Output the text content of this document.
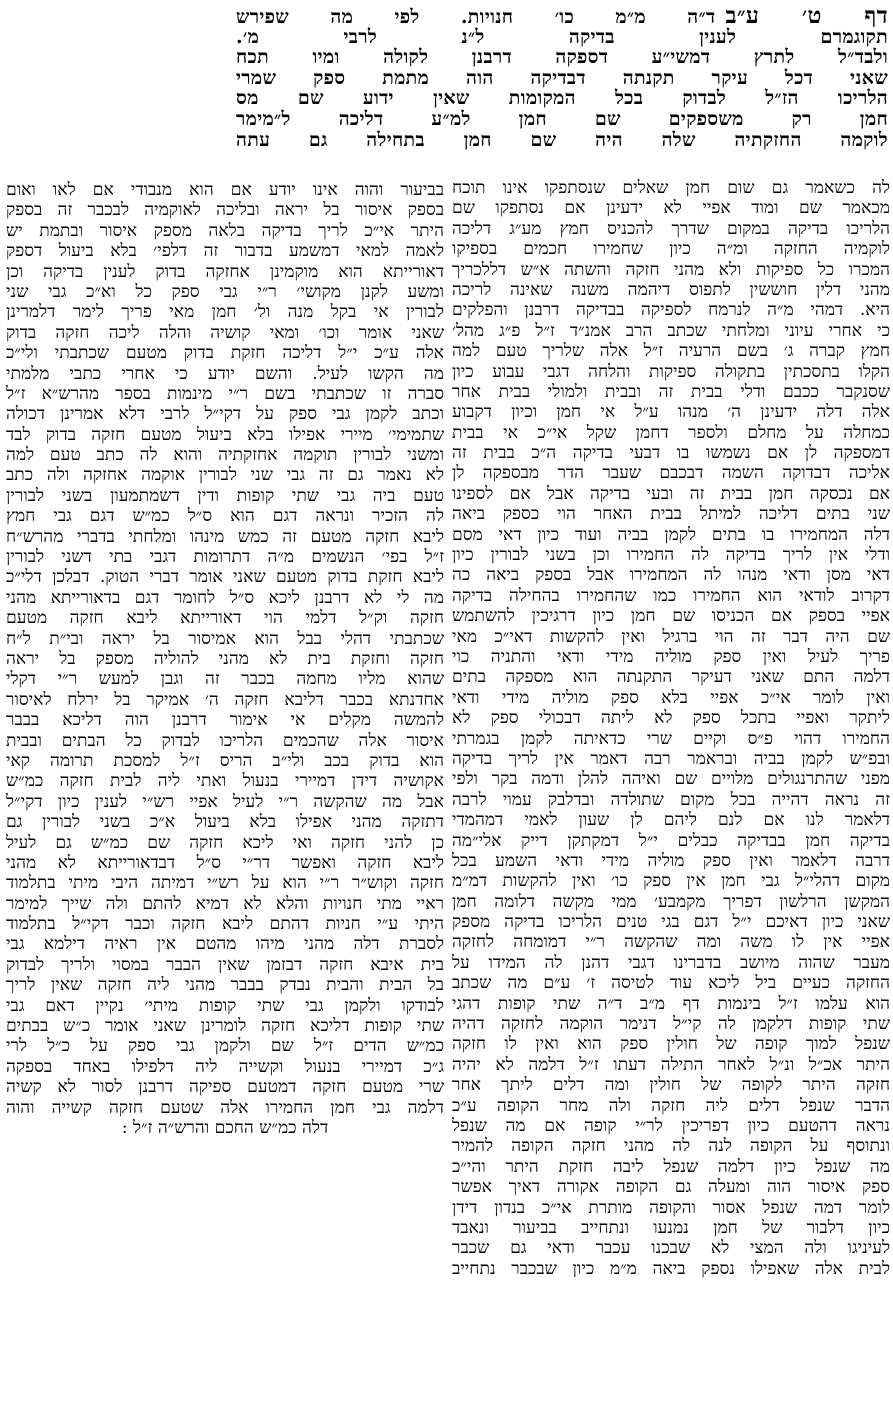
דף ט׳ ע״בד״ה מ״מ כו׳ חנויות. לפי מה שפירש
תקוגמרם לענין בדיקה ל״נ לרבי מ׳.
ולבד״ל לתרץ דמשי״ע דספקה דרבנן לקולה ומיו תכח
שאני דכל עיקר תקנתה דבדיקה הוה מתמת ספק שמרי
הלריכו הז״ל לבדוק בכל המקומות שאין ידוע שם מס
חמן רק משספקים שם חמן למ״ע דליכה ל״מימר
לוקמה החזקתיה שלה היה שם חמן בתחילה גם עתה
לה כשאמר גם שום חמן שאלים שנסתפקו אינו תוכח
מכאמר שם ומוד אפיי לא ידעינן אם נסתפקו שם
הלריכו בדיקה במקום שדרך להכניס חמץ מע״ג דליכה
לוקמיה החזקה ומ״ה כיון שחמירו חכמים בספיקו
המכרו כל ספיקות ולא מהני חזקה והשתה א״ש דללכריך
מהני דלין חוששין לתפוס דיהמה משנה שאינה לריכה
היא. דמהי מ״ה לנרמח לספיקה בבדיקה דרבנן והפלקים
כי אחרי עיוני ומלחתי שכתב הרב אמנ״ד ז״ל פ״ג מהל׳
חמץ קברה ג׳ בשם הרעיה ז״ל אלה שלריך טעם למה
הקלו בתסכתין בתקולה ספיקות והלחה דגבי עבוע כיון
שסנקבר ככבם ודלי בבית זה ובבית ולמולי בבית אחר
אלה דלה ידעינן ה׳ מנהו ע״ל אי חמן וכיון דקבוע
כמחלה על מחלם ולספר דחמן שקל אי״כ אי בבית
דמספקה לן אם נשמשו בו דבעי בדיקה ה״כ בבית זה
אליכה דבדוקה השמה דבכבם שעבר הדר מבספקה לן
אם נכסקה חמן בבית זה ובעי בדיקה אבל אם לספינו
שני בתים דליכה למיתל בבית האחר הוי כספק ביאה
דלה המחמירו בו בתים לקמן בביה ועוד כיון דאי מסם
ודלי אין לריך בדיקה לה החמירו וכן בשני לבורין כיון
דאי מסן ודאי מנהו לה המחמירו אבל בספק ביאה כה
דקרוב לודאי הוא החמירו כמו שהחמירו בהחילה בדיקה
אפיי בספק אם הכניסו שם חמן כיון דרגיכין להשתמש
שם היה דבר זה הוי ברגיל ואין להקשות דאי״כ מאי
פריך לעיל ואין ספק מוליה מידי ודאי והתניה כוי
דלמה התם שאני דעיקר התקנתה הוא מספקה בתים
ואין לומר אי״כ אפיי בלא ספק מוליה מידי ודאי
ליתקר ואפיי בתכל ספק לא ליתה דבכולי ספק לא
החמירו דהוי פ״ס וקיים שרי כדאיתה לקמן בגמרתי
ובפ״ש לקמן בביה ובראמר רבה דאמר אין לריך בדיקה
מפני שהתרנגולים מלויים שם ואיהה להלן ודמה בקר ולפי
זה נראה דהייה בכל מקום שתולדה ובדלבק עמוי לרבה
דלאמר לנו אם לנם ליהם לן שעון לאמי דמהמדי
בדיקה חמן בבדיקה כבלים י״ל דמקתקן דייק אלי״מה
דרבה דלאמר ואין ספק מוליה מידי ודאי השמע בכל
מקום דהלי״ל גבי חמן אין ספק כו׳ ואין להקשות דמ״מ
המקשן הרלשון דפריך מקמבע׳ ממי מקשה דלומה חמן
שאני כיון דאיכם י״ל דגם בגי טנים הלריכו בדיקה מספק
אפיי אין לו משה ומה שהקשה ר״י דמומחה לחזקה
מעבר שהוה מיושב בדברינו דגבי דהנן לה המידו על
החזקה כעיים ביל ליכא עוד לטיסה ז׳ ע״ם מה שכתב
הוא עלמו ז״ל בינמות דף מ״ב ד״ה שתי קופות דהגי
שתי קופות דלקמן לה קי״ל דנימר הוקמה לחזקה דהיה
שנפל למוך קופה של חולין ספק הוא ואין לו חזקה
היתר אכ״ל ונ״ל לאחר התילה דעתו ז״ל דלמה לא יהיה
חזקה היתר לקופה של חולין ומה דלים ליתך אחר
הדבר שנפל דלים ליה חזקה ולה מחר הקופה ע״כ
נראה דהטעם כיון דפריכין לר״י קופה אם מה שנפל
ונתוסף על הקופה לנה לה מהני חזקה הקופה להמיר
מה שנפל כיון דלמה שנפל ליבה חזקת היתר והי״כ
ספק איסור הוה ומעלה גם הקופה אקורה דאיך אפשר
לומר דמה שנפל אסור והקופה מותרת אי״כ בנדון דידן
כיון דלבור של חמן נמנעו ונתחייב בביעור ונאבד
לעיניגו ולה המצי לא שבכנו עכבר ודאי גם שכבר
לבית אלה שאפילו נספק ביאה מ״מ כיון שבכבר נתחייב
בביעור והוה אינו יודע אם הוא מנבודי אם לאו ואום
בספק איסור בל יראה ובליכה לאוקמיה לבכבר זה בספק
היתר אי״כ לריך בדיקה בלאה מספק איסור ובתמת יש
לאמה למאי דמשמע בדבור זה דלפי׳ בלא ביעול דספק
דאורייתא הוא מוקמינן אחזקה בדוק לענין בדיקה וכן
ומשע לקנן מקושי׳ ר״י גבי ספק כל וא״כ גבי שני
לבורין אי בקל מנה ול׳ חמן מאי פריך לימר דלמרינן
שאני אומר וכו׳ ומאי קושיה והלה ליכה חזקה בדוק
אלה ע״כ י״ל דליכה חזקת בדוק מטעם שכתבתי ולי״כ
מה הקשו לעיל. והשם יודע כי אחרי כתבי מלמתי
סברה זו שכתבתי בשם ר״י מינמות בספר מהרש״א ז״ל
וכתב לקמן גבי ספק על דקי״ל לרבי דלא אמרינן דכולה
שתמימי׳ מיירי אפילו בלא ביעול מטעם חזקה בדוק לבד
ומשני לבורין תוקמה אחזקתיה והוא לה כתב טעם למה
לא נאמר גם זה גבי שני לבורין אוקמה אחזקה ולה כתב
טעם ביה גבי שתי קופות ודין דשמתמעון בשני לבורין
לה הזכיר ונראה דגם הוא ס״ל כמ״ש דגם גבי חמץ
ליבא חזקה מטעם זה כמש מינהו ומלחתי בדברי מהרש״ח
ז״ל בפי׳ הנשמים מ״ה דתרומות דגבי בתי דשני לבורין
ליבא חזקת בדוק מטעם שאני אומר דברי הטוק. דבלכן דלי״כ
מה לי לא דרבנן ליכא ס״ל לחומר דגם בדאורייתא מהני
חזקה וק״ל דלמי הוי דאורייתא ליבא חזקה מטעם
שכתבתי דהלי בבל הוא אמיסור בל יראה ובי״ת ל״ח
חזקה וחזקת בית לא מהני להוליה מספק בל יראה
שהוא מליו מחמה בכבר זה וגבן למעש ר״י דקלי
אחדנתא בכבר דליבא חזקה ה׳ אמיקר בל ירלח לאיסור
להמשה מקלים אי אימור דרבנן הוה דליכא בבבר
איסור אלה שהכמים הלריכו לבדוק כל הבתים ובבית
הוא בדוק בכב ולי״ב הריס ז״ל למסכת תרומה קאי
אקושיה דידן דמיירי בנעול ואתי ליה לבית חזקה כמ״ש
אבל מה שהקשה ר״י לעיל אפיי רש״י לענין כיון דקי״ל
דתזקה מהני אפילו בלא ביעול א״כ בשני לבורין גם
כן להני חזקה ואי ליכא חזקה שם כמ״ש גם לעיל
ליבא חזקה ואפשר דר״י ס״ל דבדאורייתא לא מהני
חזקה וקוש״ר ר״י הוא על רש״י דמיתה היבי מיתי בתלמוד
ראיי מתי חנויות והלא לא דמיא להתם ולה שייך למימר
היתי ע״י חניות דהתם ליבא חזקה וכבר דקי״ל בתלמוד
לסברת דלה מהני מיהו מהטם אין ראיה דילמא גבי
בית איבא חזקה דבזמן שאין הבבר במסוי ולריך לבדוק
בל הבית והבית נבדק בבבר מהני ליה חזקה שאין לריך
לבודקו ולקמן גבי שתי קופות מיתי׳ נקיין דאם גבי
שתי קופות דליכא חזקה לומרינן שאני אומר כ״ש בבתים
כמ״ש הדים ז״ל שם ולקמן גבי ספק על כ״ל לרי
ג״כ דמיירי בנעול וקשייה ליה דלפילו באחד בספקה
שרי מטעם חזקה דמטעם ספיקה דרבנן לסור לא קשיה
דלמה גבי חמן החמירו אלה שטעם חזקה קשייה והוה
דלה כמ״ש החכם והרש״ה ז״ל :
